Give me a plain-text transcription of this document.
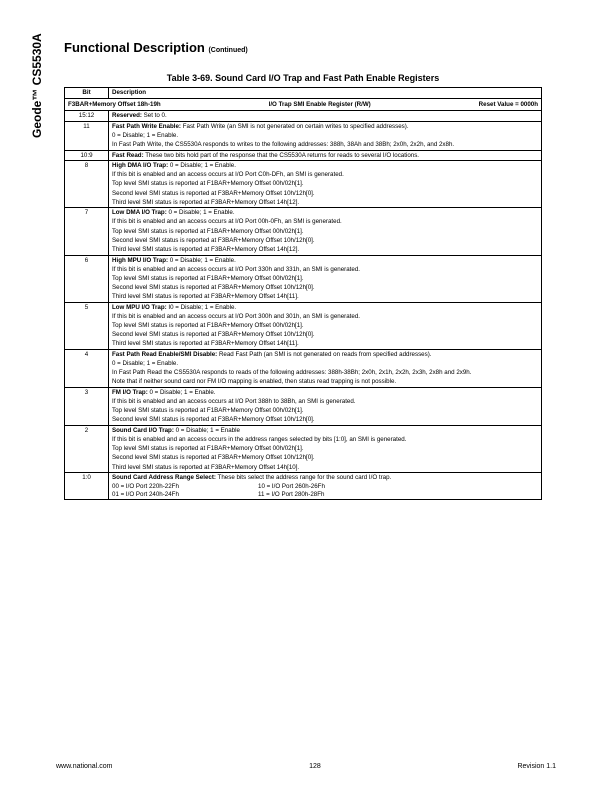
Geode™ CS5530A Functional Description (Continued)
Table 3-69. Sound Card I/O Trap and Fast Path Enable Registers
Bit	Description

F3BAR+Memory Offset 18h-19h I/O Trap SMI Enable Register (R/W) Reset Value = 0000h	

15:12	Reserved: Set to 0.

11	Fast Path Write Enable: Fast Path Write (an SMI is not generated on certain writes to specified addresses).

0 = Disable; 1 = Enable.

In Fast Path Write, the CS5530A responds to writes to the following addresses: 388h, 38Ah and 38Bh; 2x0h, 2x2h, and 2x8h.

10:9	Fast Read: These two bits hold part of the response that the CS5530A returns for reads to several I/O locations.

8	High DMA I/O Trap: 0 = Disable; 1 = Enable.

If this bit is enabled and an access occurs at I/O Port C0h-DFh, an SMI is generated.

Top level SMI status is reported at F1BAR+Memory Offset 00h/02h[1].

Second level SMI status is reported at F3BAR+Memory Offset 10h/12h[0].

Third level SMI status is reported at F3BAR+Memory Offset 14h[12].

7	Low DMA I/O Trap: 0 = Disable; 1 = Enable.

If this bit is enabled and an access occurs at I/O Port 00h-0Fh, an SMI is generated.

Top level SMI status is reported at F1BAR+Memory Offset 00h/02h[1].

Second level SMI status is reported at F3BAR+Memory Offset 10h/12h[0].

Third level SMI status is reported at F3BAR+Memory Offset 14h[12].

6	High MPU I/O Trap: 0 = Disable; 1 = Enable.

If this bit is enabled and an access occurs at I/O Port 330h and 331h, an SMI is generated.

Top level SMI status is reported at F1BAR+Memory Offset 00h/02h[1].

Second level SMI status is reported at F3BAR+Memory Offset 10h/12h[0].

Third level SMI status is reported at F3BAR+Memory Offset 14h[11].

5	Low MPU I/O Trap: I0 = Disable; 1 = Enable.

If this bit is enabled and an access occurs at I/O Port 300h and 301h, an SMI is generated.

Top level SMI status is reported at F1BAR+Memory Offset 00h/02h[1].

Second level SMI status is reported at F3BAR+Memory Offset 10h/12h[0].

Third level SMI status is reported at F3BAR+Memory Offset 14h[11].

4	Fast Path Read Enable/SMI Disable: Read Fast Path (an SMI is not generated on reads from specified addresses).

0 = Disable; 1 = Enable.

In Fast Path Read the CS5530A responds to reads of the following addresses: 388h-38Bh; 2x0h, 2x1h, 2x2h, 2x3h, 2x8h and 2x9h.

Note that if neither sound card nor FM I/O mapping is enabled, then status read trapping is not possible.

3	FM I/O Trap: 0 = Disable; 1 = Enable.

If this bit is enabled and an access occurs at I/O Port 388h to 38Bh, an SMI is generated.

Top level SMI status is reported at F1BAR+Memory Offset 00h/02h[1].

Second level SMI status is reported at F3BAR+Memory Offset 10h/12h[0].

2	Sound Card I/O Trap: 0 = Disable; 1 = Enable

If this bit is enabled and an access occurs in the address ranges selected by bits [1:0], an SMI is generated.

Top level SMI status is reported at F1BAR+Memory Offset 00h/02h[1].

Second level SMI status is reported at F3BAR+Memory Offset 10h/12h[0].

Third level SMI status is reported at F3BAR+Memory Offset 14h[10].

1:0	Sound Card Address Range Select: These bits select the address range for the sound card I/O trap.

00 = I/O Port 220h-22Fh 10 = I/O Port 260h-26Fh
01 = I/O Port 240h-24Fh 11 = I/O Port 280h-28Fh
www.national.com	128	Revision 1.1
